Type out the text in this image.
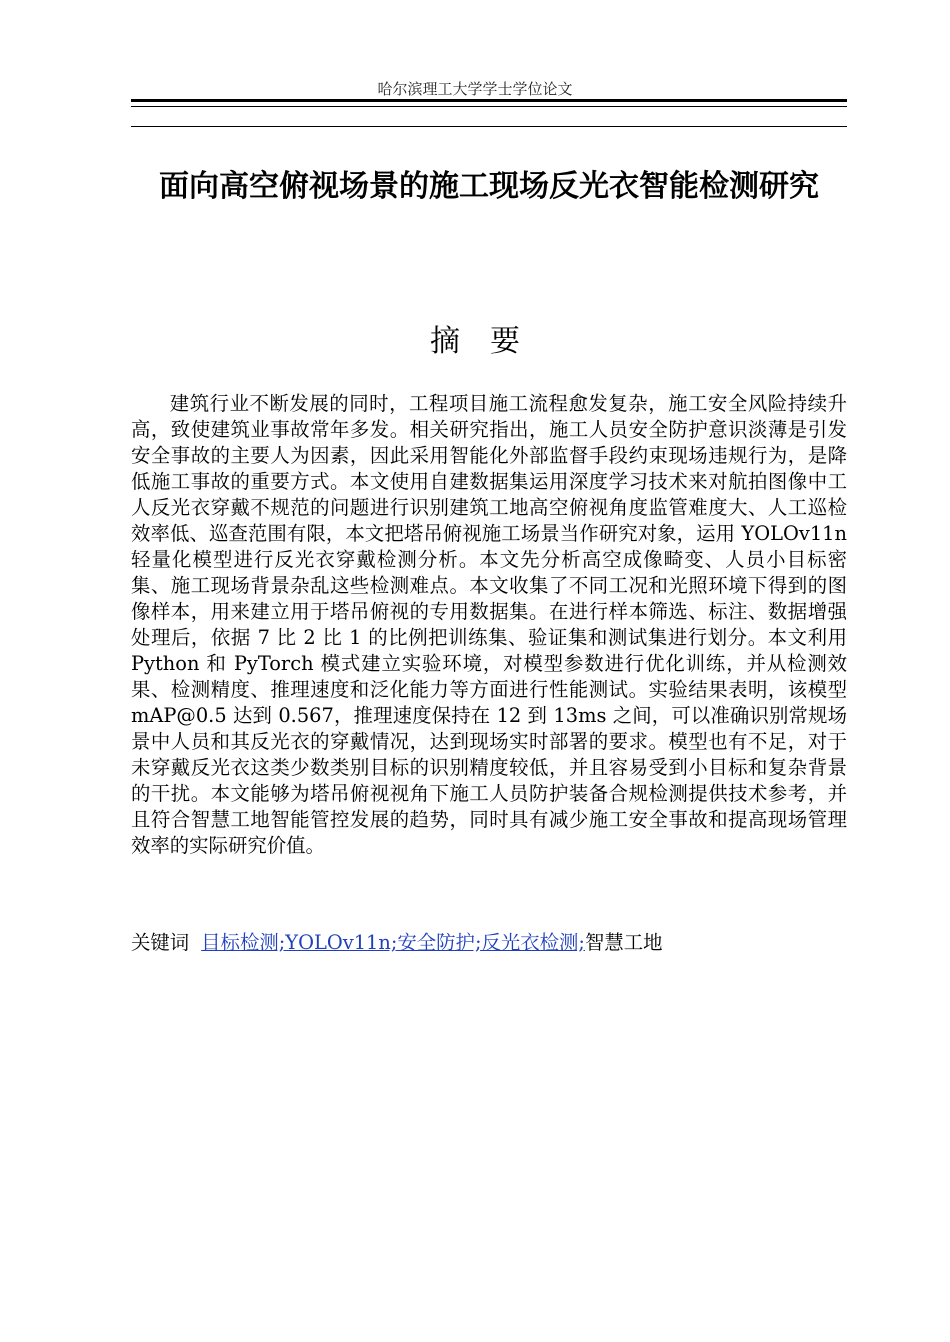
哈尔滨理工大学学士学位论文
面向高空俯视场景的施工现场反光衣智能检测研究
摘要

建筑行业不断发展的同时，工程项目施工流程愈发复杂，施工安全风险持续升高，致使建筑业事故常年多发。相关研究指出，施工人员安全防护意识淡薄是引发安全事故的主要人为因素，因此采用智能化外部监督手段约束现场违规行为，是降低施工事故的重要方式。本文使用自建数据集运用深度学习技术来对航拍图像中工人反光衣穿戴不规范的问题进行识别建筑工地高空俯视角度监管难度大、人工巡检效率低、巡查范围有限，本文把塔吊俯视施工场景当作研究对象，运用 YOLOv11n 轻量化模型进行反光衣穿戴检测分析。本文先分析高空成像畸变、人员小目标密集、施工现场背景杂乱这些检测难点。本文收集了不同工况和光照环境下得到的图像样本，用来建立用于塔吊俯视的专用数据集。在进行样本筛选、标注、数据增强处理后，依据 7 比 2 比 1 的比例把训练集、验证集和测试集进行划分。本文利用 Python 和 PyTorch 模式建立实验环境，对模型参数进行优化训练，并从检测效果、检测精度、推理速度和泛化能力等方面进行性能测试。实验结果表明，该模型 mAP@0.5 达到 0.567，推理速度保持在 12 到 13ms 之间，可以准确识别常规场景中人员和其反光衣的穿戴情况，达到现场实时部署的要求。模型也有不足，对于未穿戴反光衣这类少数类别目标的识别精度较低，并且容易受到小目标和复杂背景的干扰。本文能够为塔吊俯视视角下施工人员防护装备合规检测提供技术参考，并且符合智慧工地智能管控发展的趋势，同时具有减少施工安全事故和提高现场管理效率的实际研究价值。

关键词 目标检测;YOLOv11n;安全防护;反光衣检测;智慧工地
